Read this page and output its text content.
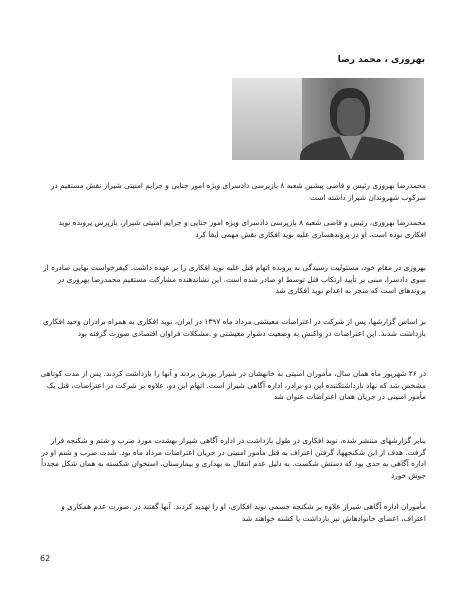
بهروزی ، محمد رضا

محمدرضا بهروزی رئیس و قاضی پیشین شعبه ۸ بازپرسی دادسرای ویژه امور جنایی و جرایم امنیتی شیراز نقش مستقیم در سرکوب شهروندان شیراز داشته است

محمدرضا بهروزی، رئیس و قاضی شعبه ۸ بازپرسی دادسرای ویژه امور جنایی و جرایم امنیتی شیراز، بازپرس پرونده نوید افکاری بوده است. او در پروندهسازی علیه نوید افکاری نقش مهمی ایفا کرد

بهروزی در مقام خود، مسئولیت رسیدگی به پرونده اتهام قتل علیه نوید افکاری را بر عهده داشت. کیفرخواست نهایی صادره از سوی دادسرا، مبنی بر تأیید ارتکاب قتل توسط او صادر شده است. این نشاندهنده مشارکت مستقیم محمدرضا بهروزی در پروندهای است که منجر به اعدام نوید افکاری شد

بر اساس گزارشها، پس از شرکت در اعتراضات معیشتی مرداد ماه ۱۳۹۷ در ایران، نوید افکاری به همراه برادران وحید افکاری بازداشت شدند. این اعتراضات در واکنش به وضعیت دشوار معیشتی و .مشکلات فراوان اقتصادی صورت گرفته بود

در ۲۶ شهریور ماه همان سال، مأموران امنیتی به خانهشان در شیراز یورش بردند و آنها را بازداشت کردند. پس از مدت کوتاهی مشخص شد که نهاد بازداشتکننده این دو برادر، اداره آگاهی شیراز است. اتهام این دو، علاوه بر شرکت در اعتراضات، قتل یک مأمور امنیتی در جریان همان اعتراضات عنوان شد

بنابر گزارشهای منتشر شده، نوید افکاری در طول بازداشت در اداره آگاهی شیراز بهشدت مورد ضرب و شتم و شکنجه قرار گرفت. هدف از این شکنجهها، گرفتن اعتراف به قتل مأمور امنیتی در جریان اعتراضات مرداد ماه بود. شدت ضرب و شتم او در اداره آگاهی به حدی بود که دستش شکست. به دلیل عدم انتقال به بهداری و بیمارستان، استخوان شکسته به همان شکل مجدداً جوش خورد

مأموران اداره آگاهی شیراز علاوه بر شکنجه جسمی نوید افکاری، او را تهدید کردند. آنها گفتند در .صورت عدم همکاری و اعتراف، اعضای خانوادهاش نیز بازداشت یا کشته خواهند شد

62
